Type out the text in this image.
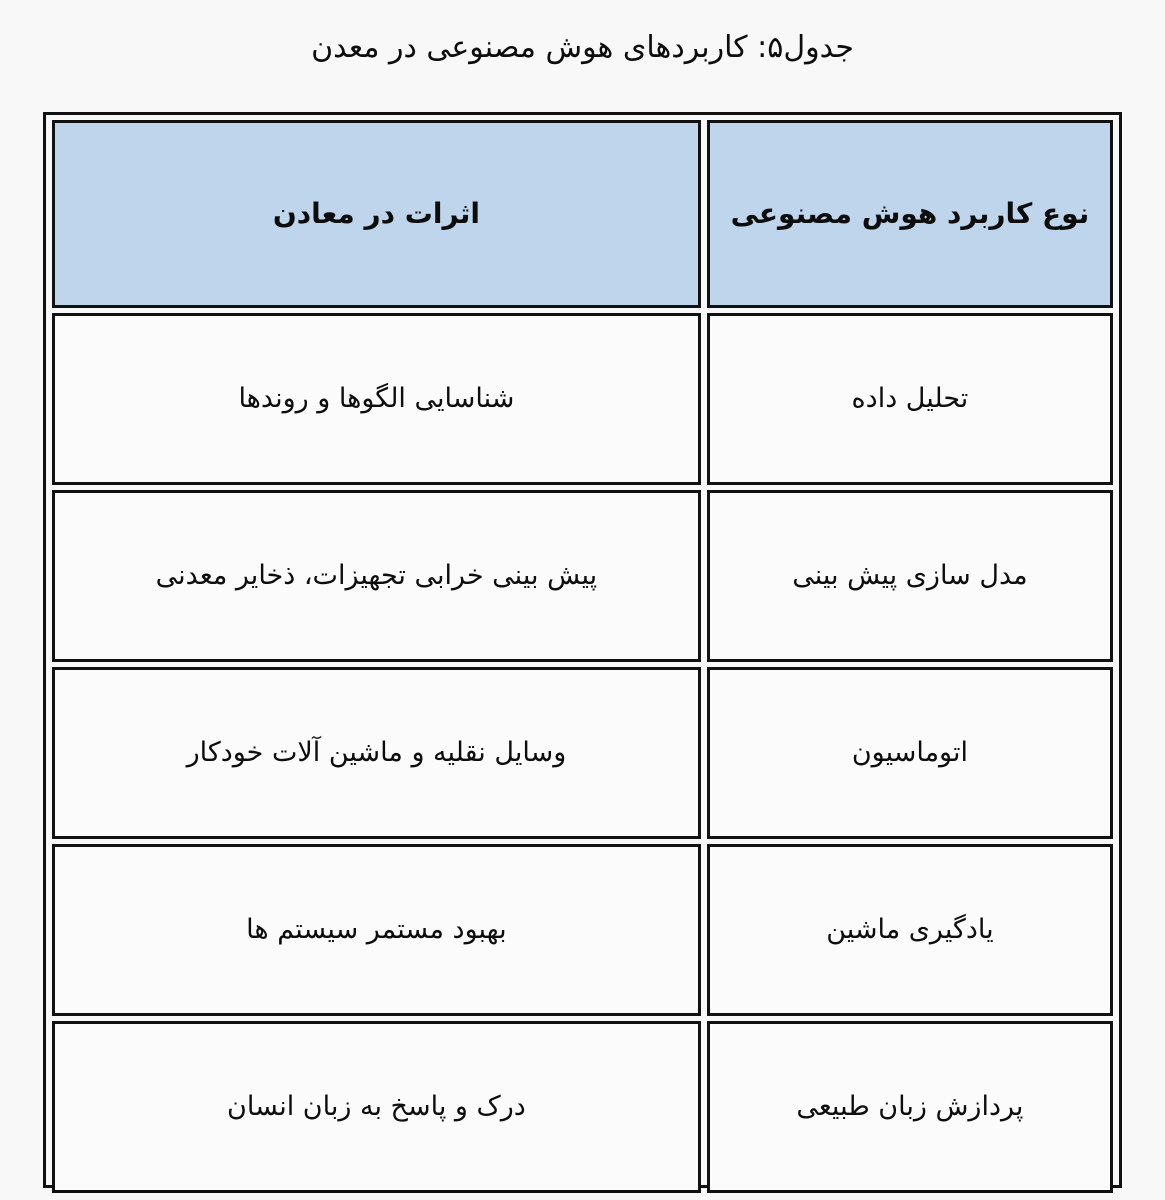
جدول۵: کاربردهای هوش مصنوعی در معدن
نوع کاربرد هوش مصنوعی	اثرات در معادن

تحلیل داده	شناسایی الگوها و روندها

مدل سازی پیش بینی	پیش بینی خرابی تجهیزات، ذخایر معدنی

اتوماسیون	وسایل نقلیه و ماشین آلات خودکار

یادگیری ماشین	بهبود مستمر سیستم ها

پردازش زبان طبیعی	درک و پاسخ به زبان انسان
